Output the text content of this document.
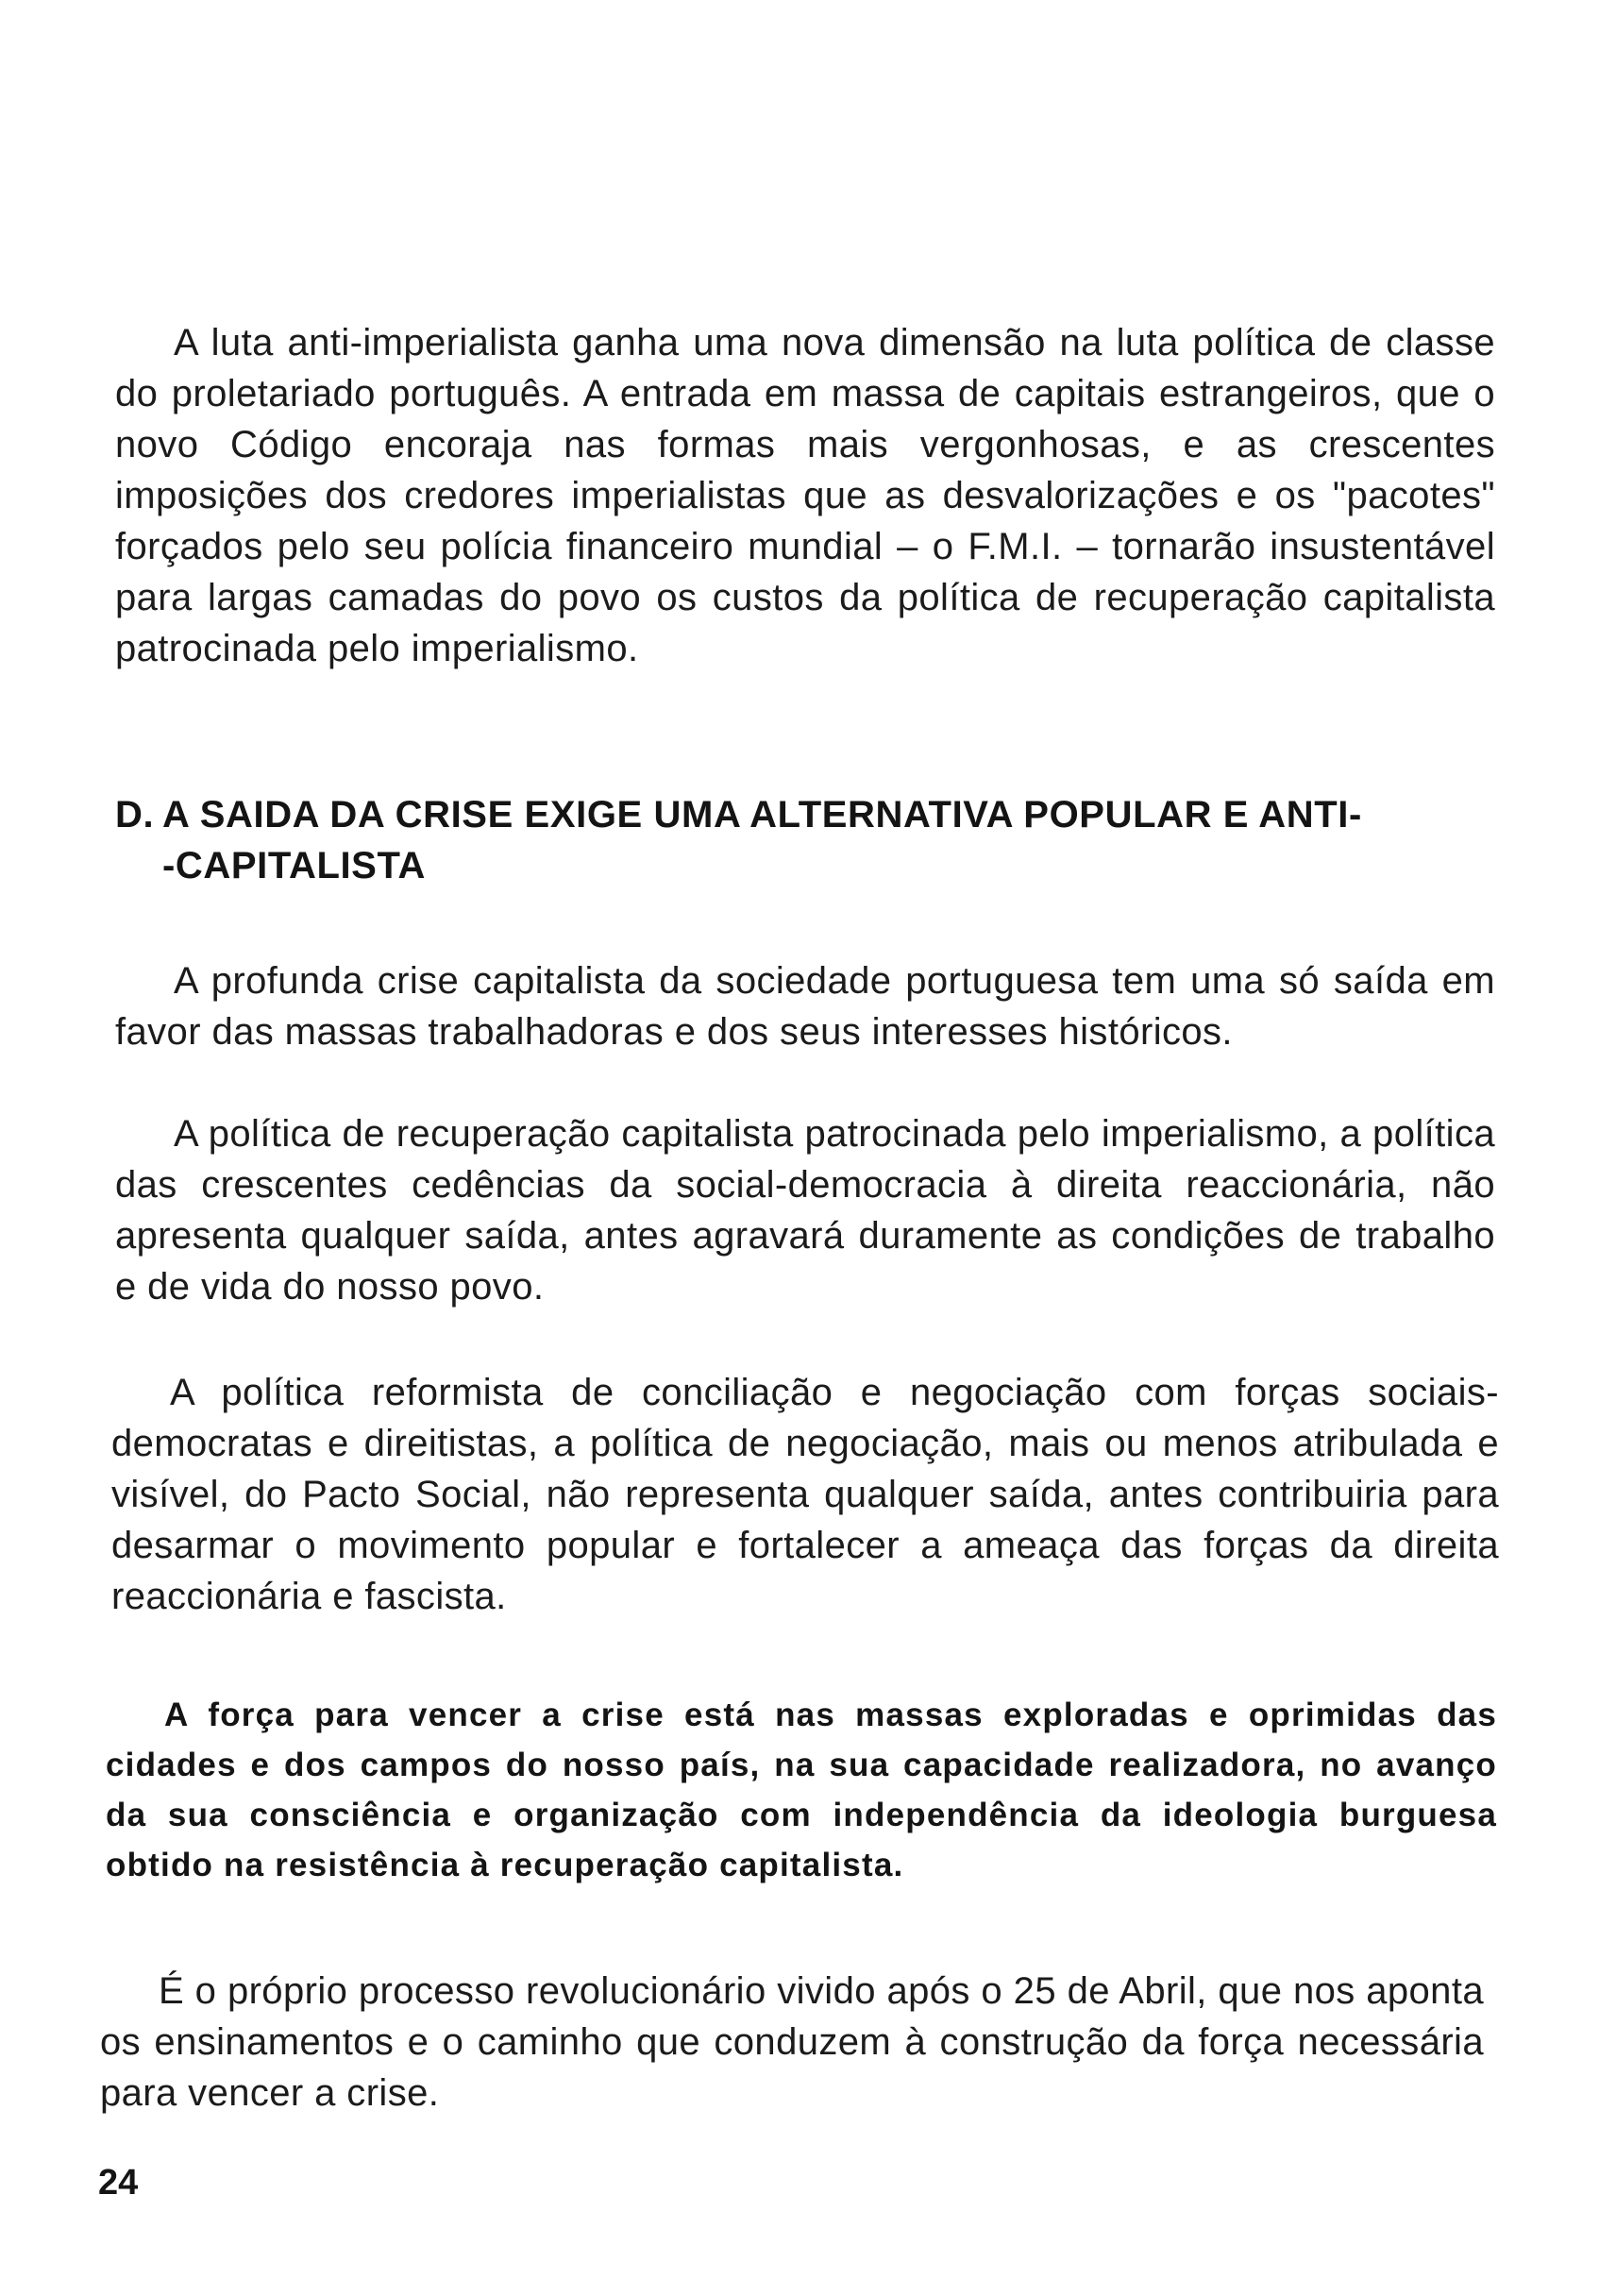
A luta anti-imperialista ganha uma nova dimensão na luta política de classe do proletariado português. A entrada em massa de capitais estrangeiros, que o novo Código encoraja nas formas mais vergonhosas, e as crescentes imposições dos credores imperialistas que as desvalorizações e os "pacotes" forçados pelo seu polícia financeiro mundial – o F.M.I. – tornarão insustentável para largas camadas do povo os custos da política de recuperação capitalista patrocinada pelo imperialismo.

D. A SAIDA DA CRISE EXIGE UMA ALTERNATIVA POPULAR E ANTI-
-CAPITALISTA

A profunda crise capitalista da sociedade portuguesa tem uma só saída em favor das massas trabalhadoras e dos seus interesses históricos.

A política de recuperação capitalista patrocinada pelo imperialismo, a política das crescentes cedências da social-democracia à direita reaccionária, não apresenta qualquer saída, antes agravará duramente as condições de trabalho e de vida do nosso povo.

A política reformista de conciliação e negociação com forças sociais-democratas e direitistas, a política de negociação, mais ou menos atribulada e visível, do Pacto Social, não representa qualquer saída, antes contribuiria para desarmar o movimento popular e fortalecer a ameaça das forças da direita reaccionária e fascista.

A força para vencer a crise está nas massas exploradas e oprimidas das cidades e dos campos do nosso país, na sua capacidade realizadora, no avanço da sua consciência e organização com independência da ideologia burguesa obtido na resistência à recuperação capitalista.

É o próprio processo revolucionário vivido após o 25 de Abril, que nos aponta os ensinamentos e o caminho que conduzem à construção da força necessária para vencer a crise.

24
